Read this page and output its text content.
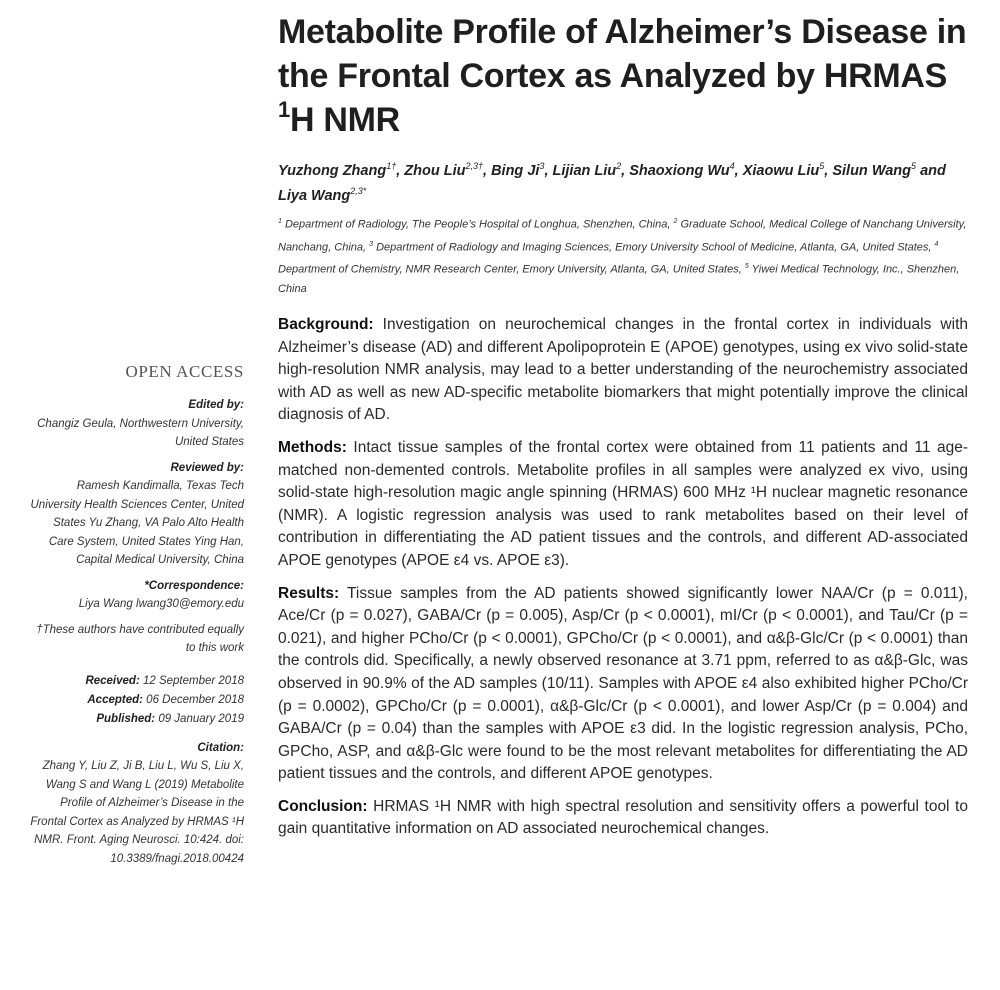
Metabolite Profile of Alzheimer’s Disease in the Frontal Cortex as Analyzed by HRMAS $^1$H NMR

Yuzhong Zhang$^{1\dagger}$, Zhou Liu$^{2,3\dagger}$, Bing Ji$^3$, Lijian Liu$^2$, Shaoxiong Wu$^4$, Xiaowu Liu$^5$, Silun Wang$^5$ and Liya Wang$^{2,3*}$

$^1$ Department of Radiology, The People’s Hospital of Longhua, Shenzhen, China, $^2$ Graduate School, Medical College of Nanchang University, Nanchang, China, $^3$ Department of Radiology and Imaging Sciences, Emory University School of Medicine, Atlanta, GA, United States, $^4$ Department of Chemistry, NMR Research Center, Emory University, Atlanta, GA, United States, $^5$ Yiwei Medical Technology, Inc., Shenzhen, China

Background: Investigation on neurochemical changes in the frontal cortex in individuals with Alzheimer’s disease (AD) and different Apolipoprotein E (APOE) genotypes, using ex vivo solid-state high-resolution NMR analysis, may lead to a better understanding of the neurochemistry associated with AD as well as new AD-specific metabolite biomarkers that might potentially improve the clinical diagnosis of AD.

Methods: Intact tissue samples of the frontal cortex were obtained from 11 patients and 11 age-matched non-demented controls. Metabolite profiles in all samples were analyzed ex vivo, using solid-state high-resolution magic angle spinning (HRMAS) 600 MHz ¹H nuclear magnetic resonance (NMR). A logistic regression analysis was used to rank metabolites based on their level of contribution in differentiating the AD patient tissues and the controls, and different AD-associated APOE genotypes (APOE ε4 vs. APOE ε3).

Results: Tissue samples from the AD patients showed significantly lower NAA/Cr (p = 0.011), Ace/Cr (p = 0.027), GABA/Cr (p = 0.005), Asp/Cr (p < 0.0001), mI/Cr (p < 0.0001), and Tau/Cr (p = 0.021), and higher PCho/Cr (p < 0.0001), GPCho/Cr (p < 0.0001), and α&β-Glc/Cr (p < 0.0001) than the controls did. Specifically, a newly observed resonance at 3.71 ppm, referred to as α&β-Glc, was observed in 90.9% of the AD samples (10/11). Samples with APOE ε4 also exhibited higher PCho/Cr (p = 0.0002), GPCho/Cr (p = 0.0001), α&β-Glc/Cr (p < 0.0001), and lower Asp/Cr (p = 0.004) and GABA/Cr (p = 0.04) than the samples with APOE ε3 did. In the logistic regression analysis, PCho, GPCho, ASP, and α&β-Glc were found to be the most relevant metabolites for differentiating the AD patient tissues and the controls, and different APOE genotypes.

Conclusion: HRMAS ¹H NMR with high spectral resolution and sensitivity offers a powerful tool to gain quantitative information on AD associated neurochemical changes.

OPEN ACCESS
Edited by:
Changiz Geula, Northwestern University, United States
Reviewed by:
Ramesh Kandimalla, Texas Tech University Health Sciences Center, United States Yu Zhang, VA Palo Alto Health Care System, United States Ying Han, Capital Medical University, China
*Correspondence:
Liya Wang lwang30@emory.edu
†These authors have contributed equally to this work
Received: 12 September 2018
Accepted: 06 December 2018
Published: 09 January 2019
Citation:
Zhang Y, Liu Z, Ji B, Liu L, Wu S, Liu X, Wang S and Wang L (2019) Metabolite Profile of Alzheimer’s Disease in the Frontal Cortex as Analyzed by HRMAS ¹H NMR. Front. Aging Neurosci. 10:424. doi: 10.3389/fnagi.2018.00424
